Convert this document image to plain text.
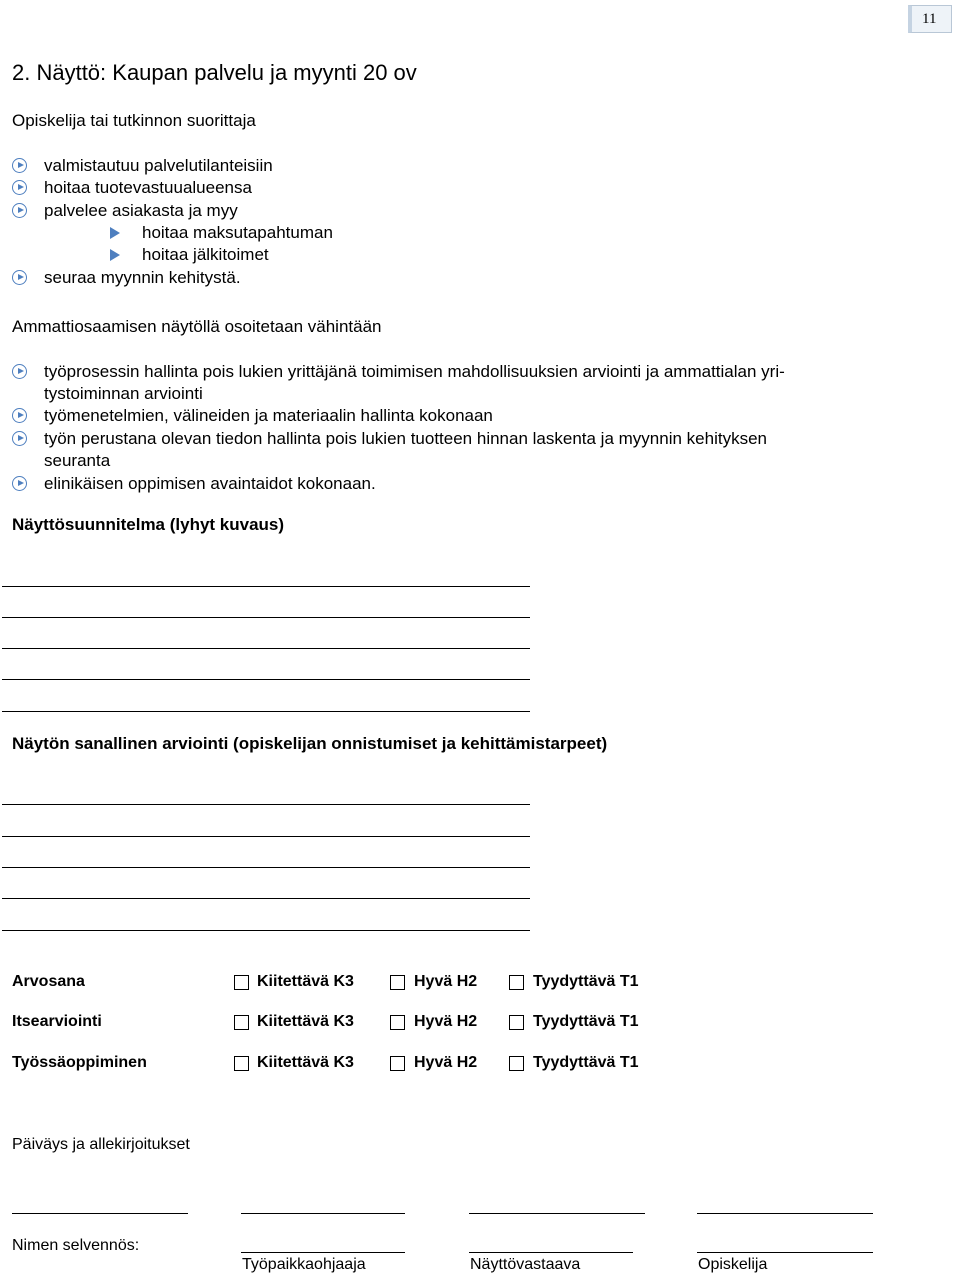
11
2. Näyttö: Kaupan palvelu ja myynti 20 ov
Opiskelija tai tutkinnon suorittaja
valmistautuu palvelutilanteisiin
hoitaa tuotevastuualueensa
palvelee asiakasta ja myy
hoitaa maksutapahtuman
hoitaa jälkitoimet
seuraa myynnin kehitystä.
Ammattiosaamisen näytöllä osoitetaan vähintään
työprosessin hallinta pois lukien yrittäjänä toimimisen mahdollisuuksien arviointi ja ammattialan yri-
tystoiminnan arviointi
työmenetelmien, välineiden ja materiaalin hallinta kokonaan
työn perustana olevan tiedon hallinta pois lukien tuotteen hinnan laskenta ja myynnin kehityksen
seuranta
elinikäisen oppimisen avaintaidot kokonaan.
Näyttösuunnitelma (lyhyt kuvaus)
Näytön sanallinen arviointi (opiskelijan onnistumiset ja kehittämistarpeet)
Arvosana	Kiitettävä K3	Hyvä H2	Tyydyttävä T1
Itsearviointi	Kiitettävä K3	Hyvä H2	Tyydyttävä T1
Työssäoppiminen	Kiitettävä K3	Hyvä H2	Tyydyttävä T1
Päiväys ja allekirjoitukset
Nimen selvennös:
Työpaikkaohjaaja	Näyttövastaava	Opiskelija
